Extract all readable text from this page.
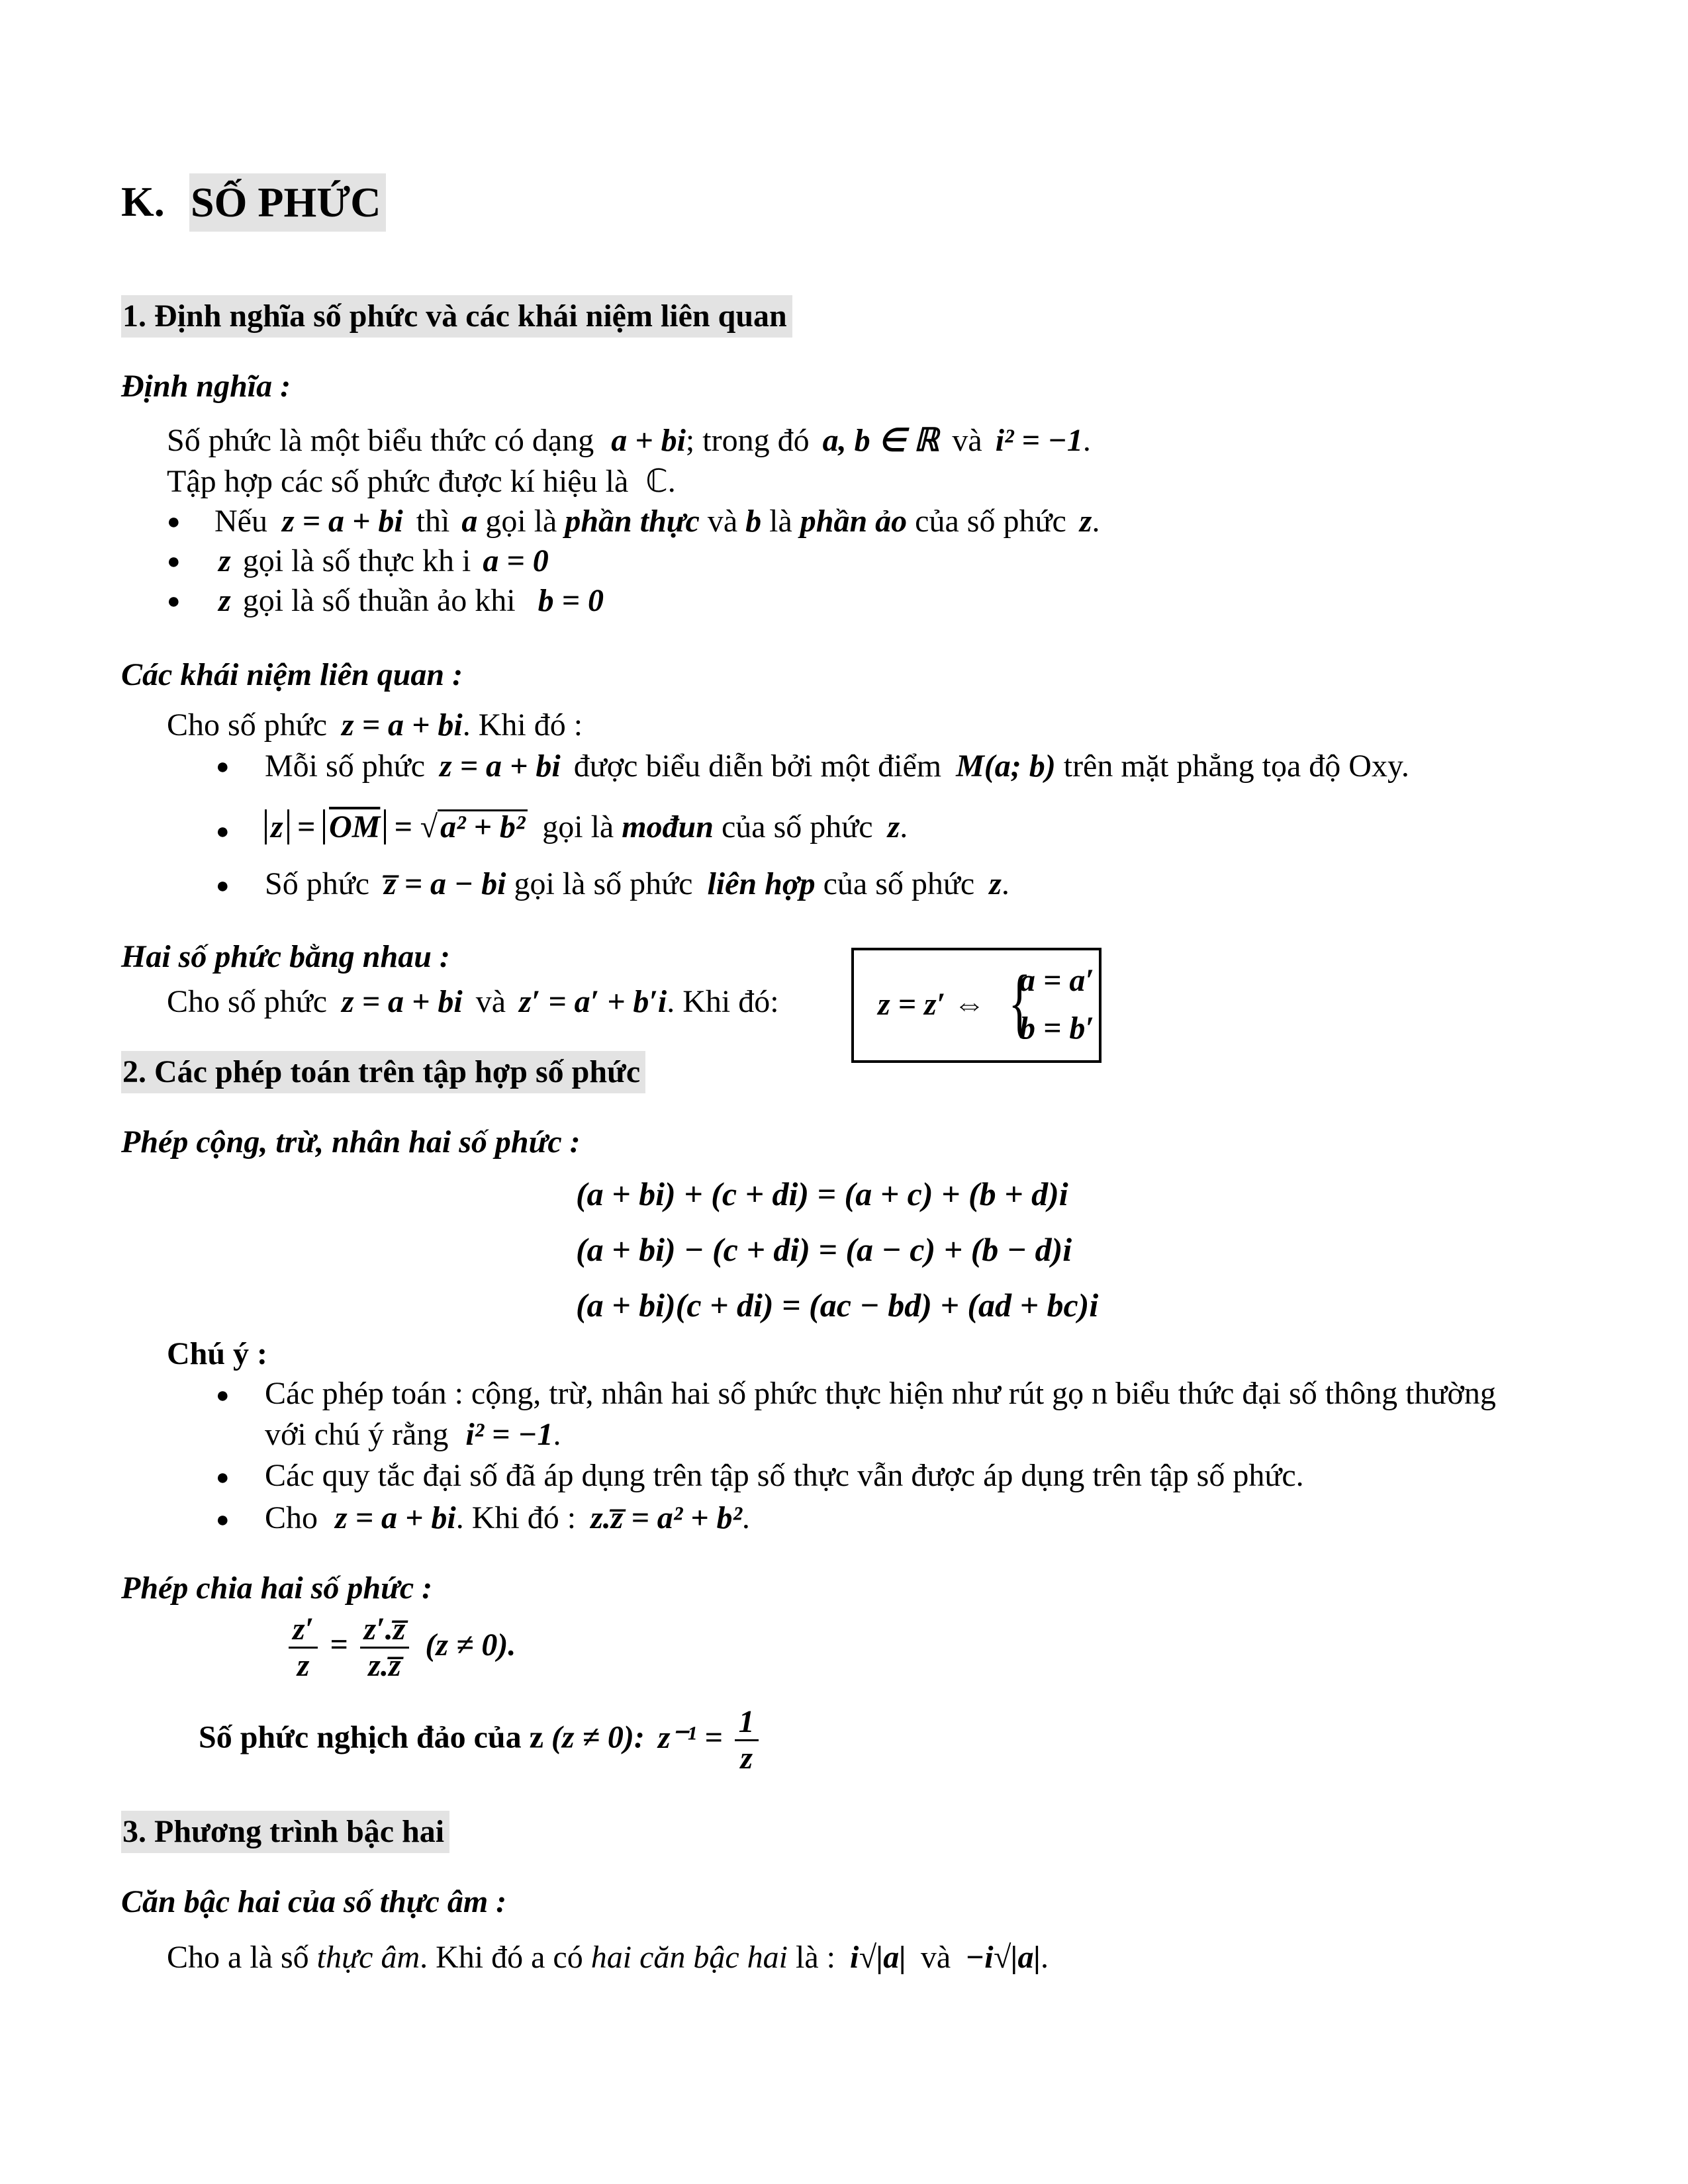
K. SỐ PHỨC
1. Định nghĩa số phức và các khái niệm liên quan
Định nghĩa :
Số phức là một biểu thức có dạng a + bi; trong đó a, b ∈ ℝ và i² = −1.
Tập hợp các số phức được kí hiệu là ℂ.
● Nếu z = a + bi thì a gọi là phần thực và b là phần ảo của số phức z.
● z gọi là số thực kh i a = 0
● z gọi là số thuần ảo khi b = 0
Các khái niệm liên quan :
Cho số phức z = a + bi. Khi đó :
● Mỗi số phức z = a + bi được biểu diễn bởi một điểm M(a; b) trên mặt phẳng tọa độ Oxy.
● $z = \overline{OM} = √a^2 + b^2$ gọi là mođun của số phức z.
● Số phức z̅ = a − bi gọi là số phức liên hợp của số phức z.
Hai số phức bằng nhau :
Cho số phức z = a + bi và z′ = a′ + b′i. Khi đó:	z = z′ ⇔ {
a = a′
b = b′
2. Các phép toán trên tập hợp số phức
Phép cộng, trừ, nhân hai số phức :
(a + bi) + (c + di) = (a + c) + (b + d)i
(a + bi) − (c + di) = (a − c) + (b − d)i
(a + bi)(c + di) = (ac − bd) + (ad + bc)i
Chú ý :
● Các phép toán : cộng, trừ, nhân hai số phức thực hiện như rút gọ n biểu thức đại số thông thường
với chú ý rằng i² = −1.
● Các quy tắc đại số đã áp dụng trên tập số thực vẫn được áp dụng trên tập số phức.
● Cho z = a + bi. Khi đó : z.z̅ = a² + b².
Phép chia hai số phức :
$\frac{z'}{z} = \frac{z'.z̅}{z.z̅} (z \ne 0)$.
Số phức nghịch đảo của z (z ≠ 0): $z^{-1} = \frac{1}{z}$
3. Phương trình bậc hai
Căn bậc hai của số thực âm :
Cho a là số thực âm. Khi đó a có hai căn bậc hai là : i√|a| và −i√|a|.
